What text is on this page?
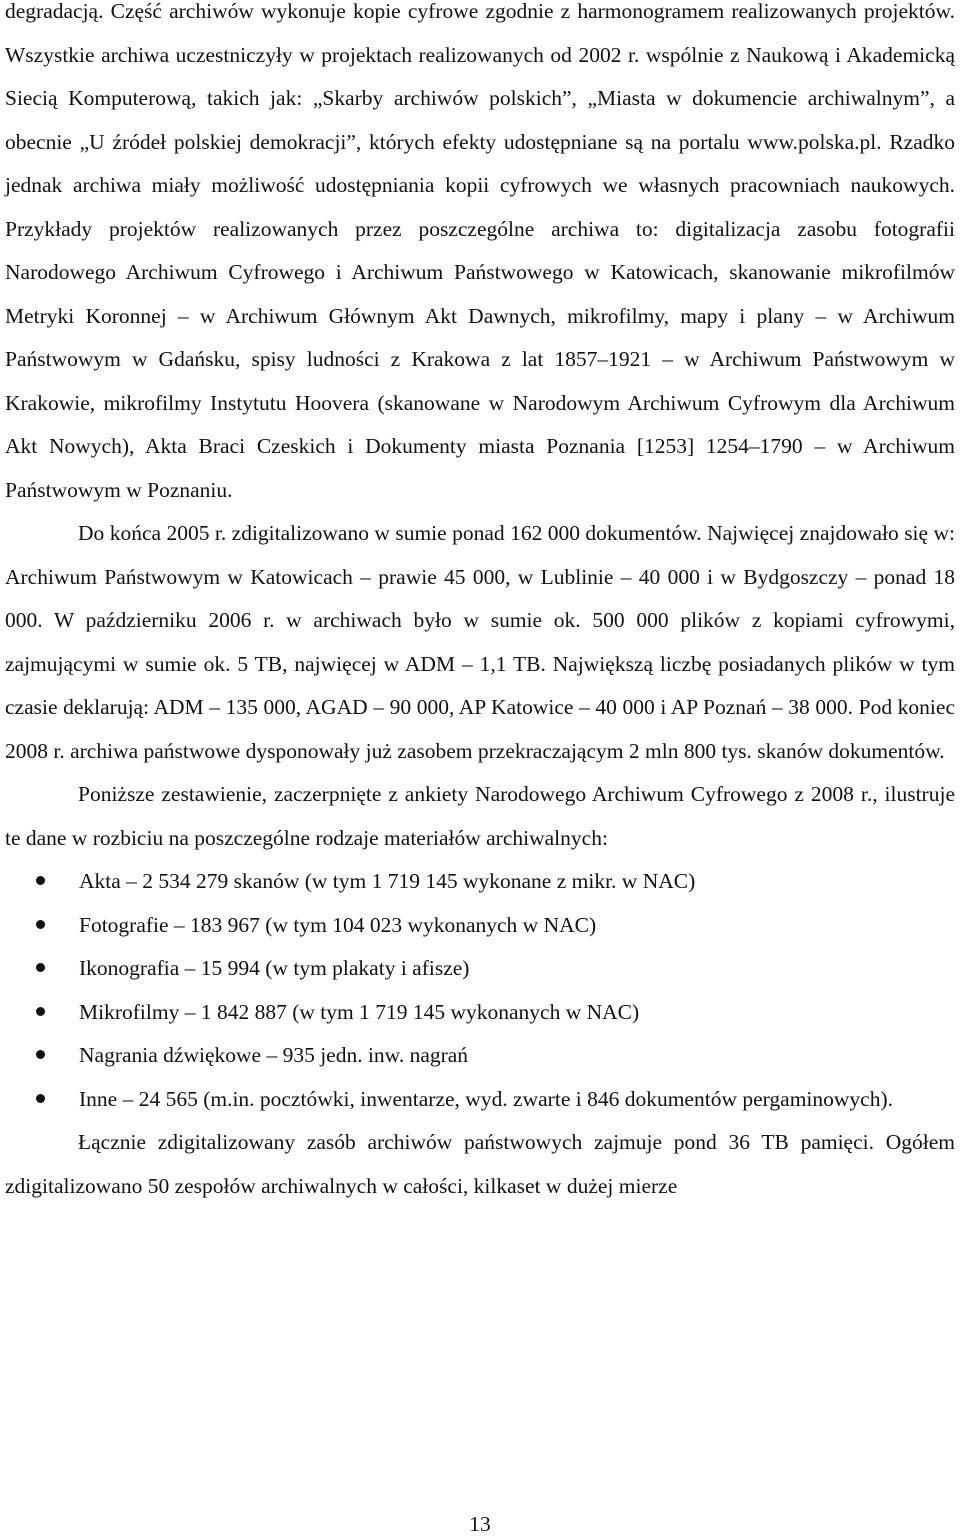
degradacją. Część archiwów wykonuje kopie cyfrowe zgodnie z harmonogramem realizowanych projektów. Wszystkie archiwa uczestniczyły w projektach realizowanych od 2002 r. wspólnie z Naukową i Akademicką Siecią Komputerową, takich jak: „Skarby archiwów polskich”, „Miasta w dokumencie archiwalnym”, a obecnie „U źródeł polskiej demokracji”, których efekty udostępniane są na portalu www.polska.pl. Rzadko jednak archiwa miały możliwość udostępniania kopii cyfrowych we własnych pracowniach naukowych. Przykłady projektów realizowanych przez poszczególne archiwa to: digitalizacja zasobu fotografii Narodowego Archiwum Cyfrowego i Archiwum Państwowego w Katowicach, skanowanie mikrofilmów Metryki Koronnej – w Archiwum Głównym Akt Dawnych, mikrofilmy, mapy i plany – w Archiwum Państwowym w Gdańsku, spisy ludności z Krakowa z lat 1857–1921 – w Archiwum Państwowym w Krakowie, mikrofilmy Instytutu Hoovera (skanowane w Narodowym Archiwum Cyfrowym dla Archiwum Akt Nowych), Akta Braci Czeskich i Dokumenty miasta Poznania [1253] 1254–1790 – w Archiwum Państwowym w Poznaniu.

Do końca 2005 r. zdigitalizowano w sumie ponad 162 000 dokumentów. Najwięcej znajdowało się w: Archiwum Państwowym w Katowicach – prawie 45 000, w Lublinie – 40 000 i w Bydgoszczy – ponad 18 000. W październiku 2006 r. w archiwach było w sumie ok. 500 000 plików z kopiami cyfrowymi, zajmującymi w sumie ok. 5 TB, najwięcej w ADM – 1,1 TB. Największą liczbę posiadanych plików w tym czasie deklarują: ADM – 135 000, AGAD – 90 000, AP Katowice – 40 000 i AP Poznań – 38 000. Pod koniec 2008 r. archiwa państwowe dysponowały już zasobem przekraczającym 2 mln 800 tys. skanów dokumentów.

Poniższe zestawienie, zaczerpnięte z ankiety Narodowego Archiwum Cyfrowego z 2008 r., ilustruje te dane w rozbiciu na poszczególne rodzaje materiałów archiwalnych:

Akta – 2 534 279 skanów (w tym 1 719 145 wykonane z mikr. w NAC)
Fotografie – 183 967 (w tym 104 023 wykonanych w NAC)
Ikonografia – 15 994 (w tym plakaty i afisze)
Mikrofilmy – 1 842 887 (w tym 1 719 145 wykonanych w NAC)
Nagrania dźwiękowe – 935 jedn. inw. nagrań
Inne – 24 565 (m.in. pocztówki, inwentarze, wyd. zwarte i 846 dokumentów pergaminowych).

Łącznie zdigitalizowany zasób archiwów państwowych zajmuje pond 36 TB pamięci. Ogółem zdigitalizowano 50 zespołów archiwalnych w całości, kilkaset w dużej mierze

13
